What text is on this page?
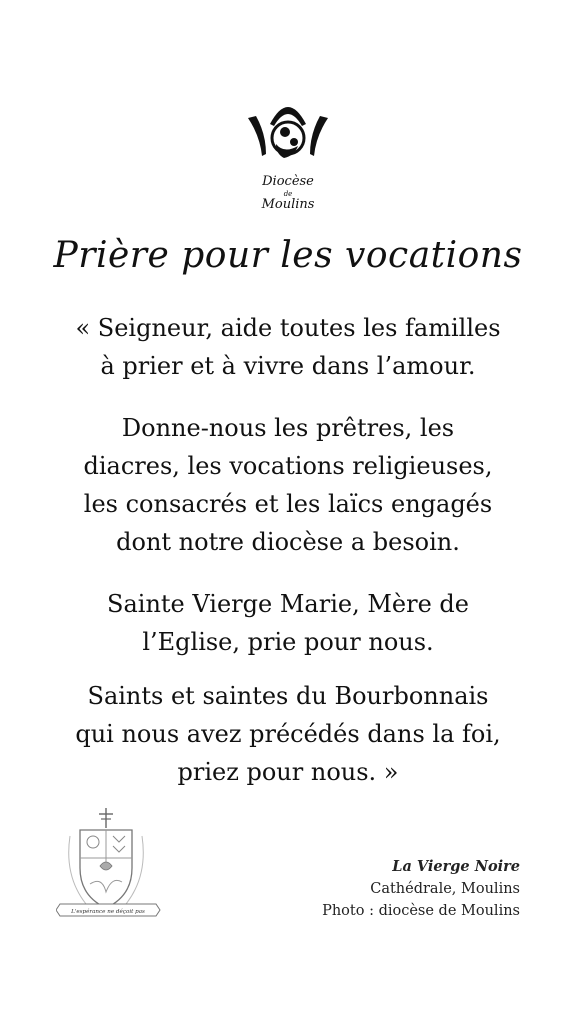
Diocèse
de
Moulins
Prière pour les vocations
« Seigneur, aide toutes les familles
à prier et à vivre dans l’amour.
Donne-nous les prêtres, les
diacres, les vocations religieuses,
les consacrés et les laïcs engagés
dont notre diocèse a besoin.
Sainte Vierge Marie, Mère de
l’Eglise, prie pour nous.
Saints et saintes du Bourbonnais
qui nous avez précédés dans la foi,
priez pour nous. »
L'espérance ne déçoit pas
La Vierge Noire
Cathédrale, Moulins
Photo : diocèse de Moulins
